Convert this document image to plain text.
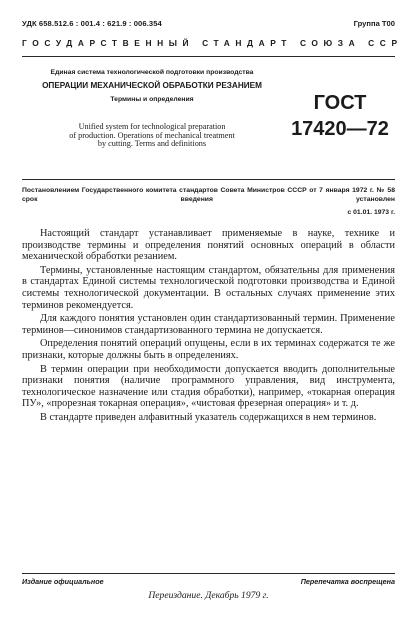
УДК 658.512.6 : 001.4 : 621.9 : 006.354	Группа Т00
ГОСУДАРСТВЕННЫЙ СТАНДАРТ СОЮЗА ССР
Единая система технологической подготовки производства
ОПЕРАЦИИ МЕХАНИЧЕСКОЙ ОБРАБОТКИ РЕЗАНИЕМ
Термины и определения
Unified system for technological preparation
of production. Operations of mechanical treatment
by cutting. Terms and definitions
ГОСТ
17420—72
Постановлением Государственного комитета стандартов Совета Министров СССР от 7 января 1972 г. № 58 срок введения установлен
с 01.01. 1973 г.

Настоящий стандарт устанавливает применяемые в науке, технике и производстве термины и определения понятий основных операций в области механической обработки резанием.

Термины, установленные настоящим стандартом, обязательны для применения в стандартах Единой системы технологической подготовки производства и Единой системы технологической документации. В остальных случаях применение этих терминов рекомендуется.

Для каждого понятия установлен один стандартизованный термин. Применение терминов—синонимов стандартизованного термина не допускается.

Определения понятий операций опущены, если в их терминах содержатся те же признаки, которые должны быть в определениях.

В термин операции при необходимости допускается вводить дополнительные признаки понятия (наличие программного управления, вид инструмента, технологическое назначение или стадия обработки), например, «токарная операция ПУ», «прорезная токарная операция», «чистовая фрезерная операция» и т. д.

В стандарте приведен алфавитный указатель содержащихся в нем терминов.

Издание официальное	Перепечатка воспрещена
Переиздание. Декабрь 1979 г.
